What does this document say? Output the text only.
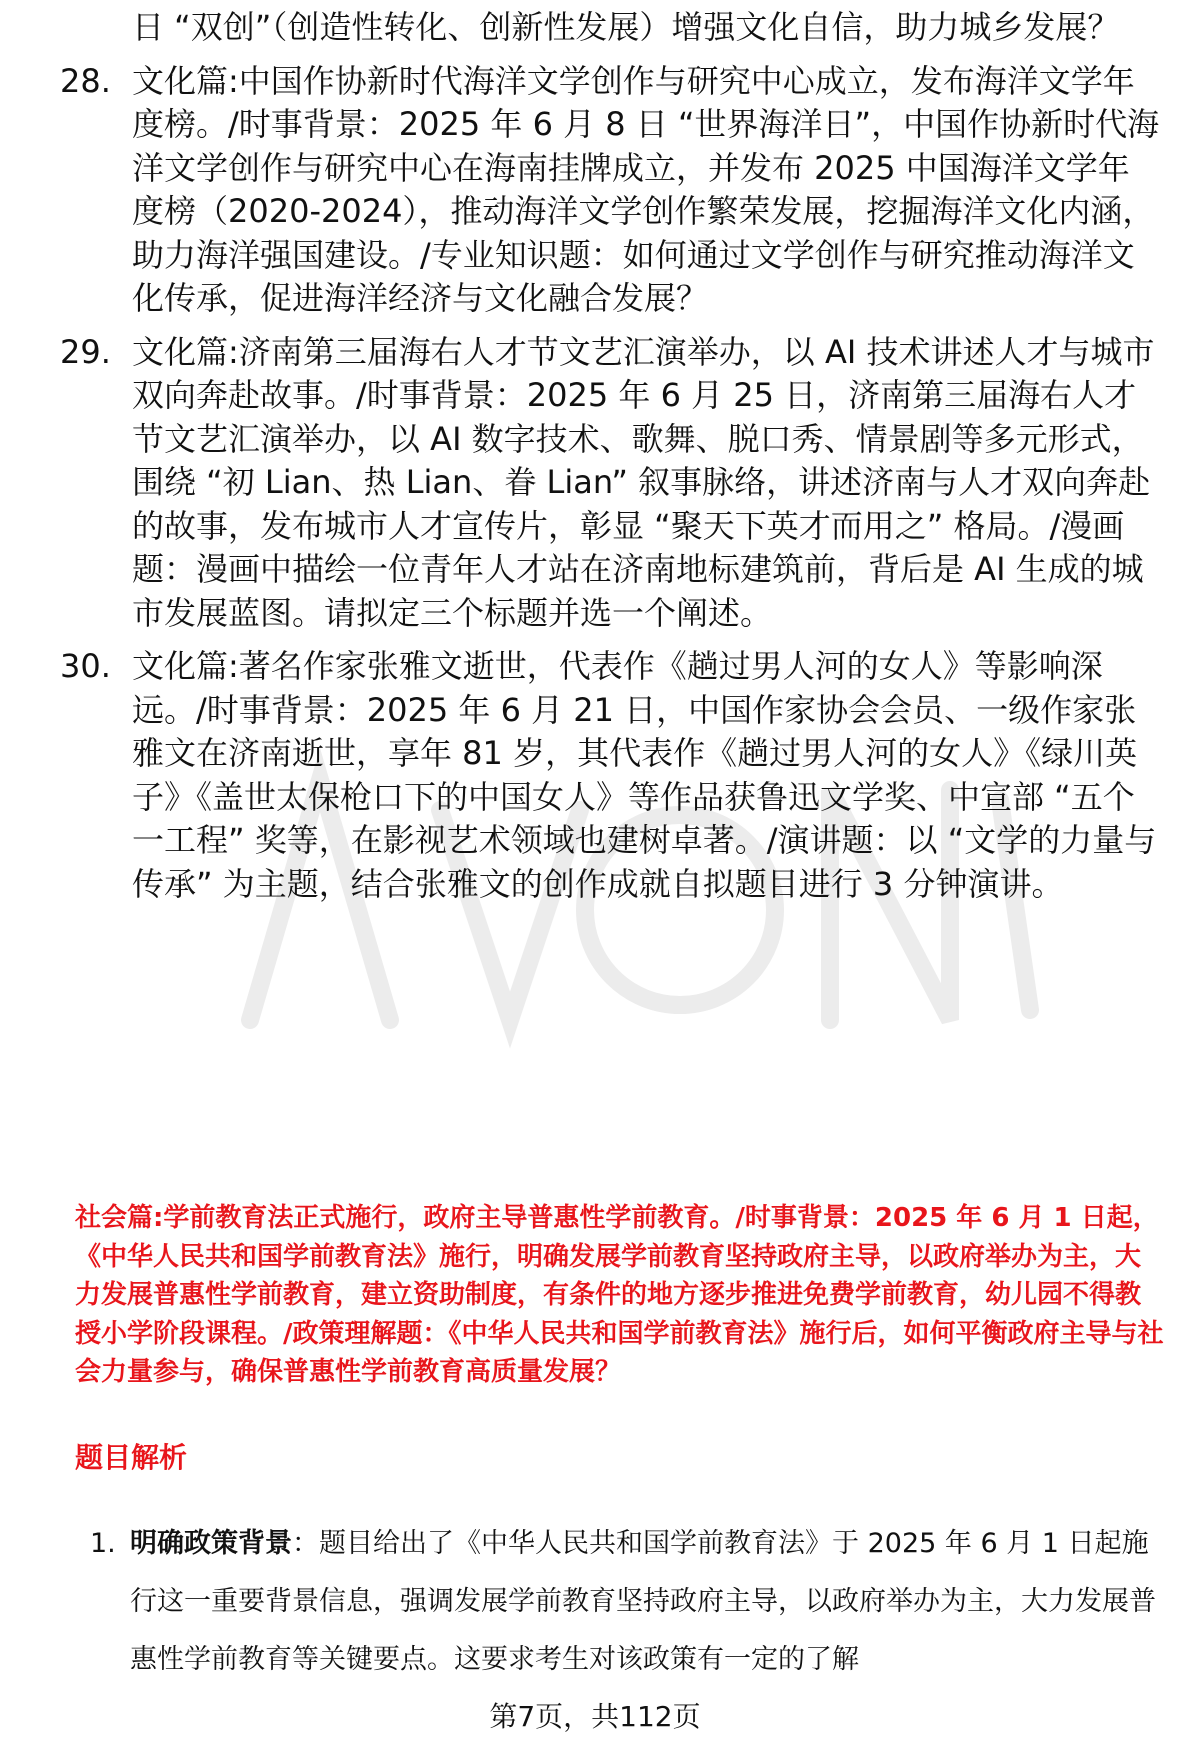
日 “双创”（创造性转化、创新性发展）增强文化自信，助力城乡发展？
28. 文化篇:中国作协新时代海洋文学创作与研究中心成立，发布海洋文学年度榜。/时事背景：2025 年 6 月 8 日 “世界海洋日”，中国作协新时代海洋文学创作与研究中心在海南挂牌成立，并发布 2025 中国海洋文学年度榜（2020-2024），推动海洋文学创作繁荣发展，挖掘海洋文化内涵，助力海洋强国建设。/专业知识题：如何通过文学创作与研究推动海洋文化传承，促进海洋经济与文化融合发展？
29. 文化篇:济南第三届海右人才节文艺汇演举办，以 AI 技术讲述人才与城市双向奔赴故事。/时事背景：2025 年 6 月 25 日，济南第三届海右人才节文艺汇演举办，以 AI 数字技术、歌舞、脱口秀、情景剧等多元形式，围绕 “初 Lian、热 Lian、眷 Lian” 叙事脉络，讲述济南与人才双向奔赴的故事，发布城市人才宣传片，彰显 “聚天下英才而用之” 格局。/漫画题：漫画中描绘一位青年人才站在济南地标建筑前，背后是 AI 生成的城市发展蓝图。请拟定三个标题并选一个阐述。
30. 文化篇:著名作家张雅文逝世，代表作《趟过男人河的女人》等影响深远。/时事背景：2025 年 6 月 21 日，中国作家协会会员、一级作家张雅文在济南逝世，享年 81 岁，其代表作《趟过男人河的女人》《绿川英子》《盖世太保枪口下的中国女人》等作品获鲁迅文学奖、中宣部 “五个一工程” 奖等，在影视艺术领域也建树卓著。/演讲题：以 “文学的力量与传承” 为主题，结合张雅文的创作成就自拟题目进行 3 分钟演讲。
社会篇:学前教育法正式施行，政府主导普惠性学前教育。/时事背景：2025 年 6 月 1 日起，《中华人民共和国学前教育法》施行，明确发展学前教育坚持政府主导，以政府举办为主，大力发展普惠性学前教育，建立资助制度，有条件的地方逐步推进免费学前教育，幼儿园不得教授小学阶段课程。/政策理解题：《中华人民共和国学前教育法》施行后，如何平衡政府主导与社会力量参与，确保普惠性学前教育高质量发展？
题目解析
1. 明确政策背景：题目给出了《中华人民共和国学前教育法》于 2025 年 6 月 1 日起施行这一重要背景信息，强调发展学前教育坚持政府主导，以政府举办为主，大力发展普惠性学前教育等关键要点。这要求考生对该政策有一定的了解
第7页，共112页
